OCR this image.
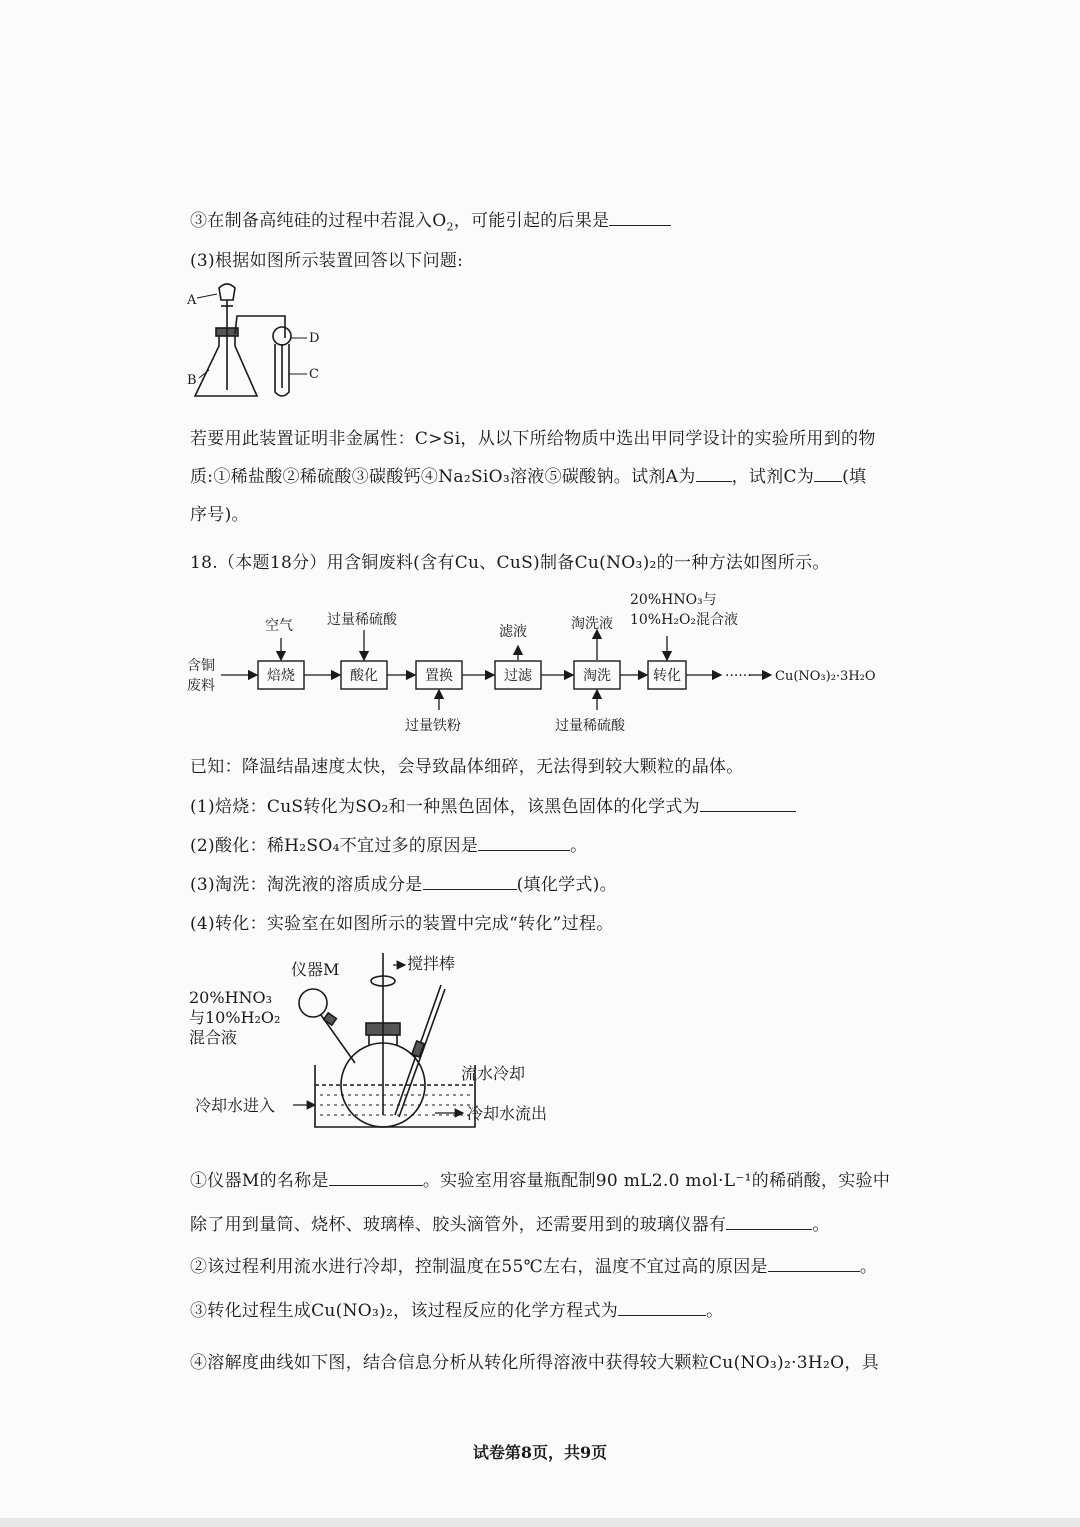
③在制备高纯硅的过程中若混入$O_2$，可能引起的后果是
(3)根据如图所示装置回答以下问题:
A
B	C
D
若要用此装置证明非金属性：C>Si，从以下所给物质中选出甲同学设计的实验所用到的物
质:①稀盐酸②稀硫酸③碳酸钙④Na₂SiO₃溶液⑤碳酸钠。试剂A为 ，试剂C为 (填
序号)。
18.（本题18分）用含铜废料(含有Cu、CuS)制备Cu(NO₃)₂的一种方法如图所示。
含铜
废料
空气 过量稀硫酸
滤液	淘洗液
20%HNO₃与
10%H₂O₂混合液
过量铁粉	过量稀硫酸
······ Cu(NO₃)₂·3H₂O
焙烧	酸化	置换	过滤	淘洗	转化
已知：降温结晶速度太快，会导致晶体细碎，无法得到较大颗粒的晶体。
(1)焙烧：CuS转化为SO₂和一种黑色固体，该黑色固体的化学式为
(2)酸化：稀H₂SO₄不宜过多的原因是	。
(3)淘洗：淘洗液的溶质成分是	(填化学式)。
(4)转化：实验室在如图所示的装置中完成“转化”过程。
仪器M	搅拌棒
20%HNO₃
与10%H₂O₂
混合液
流水冷却
冷却水进入	冷却水流出
①仪器M的名称是	。实验室用容量瓶配制90 mL2.0 mol·L⁻¹的稀硝酸，实验中
除了用到量筒、烧杯、玻璃棒、胶头滴管外，还需要用到的玻璃仪器有	。
②该过程利用流水进行冷却，控制温度在55℃左右，温度不宜过高的原因是	。
③转化过程生成Cu(NO₃)₂，该过程反应的化学方程式为	。
④溶解度曲线如下图，结合信息分析从转化所得溶液中获得较大颗粒Cu(NO₃)₂·3H₂O，具
试卷第8页，共9页
